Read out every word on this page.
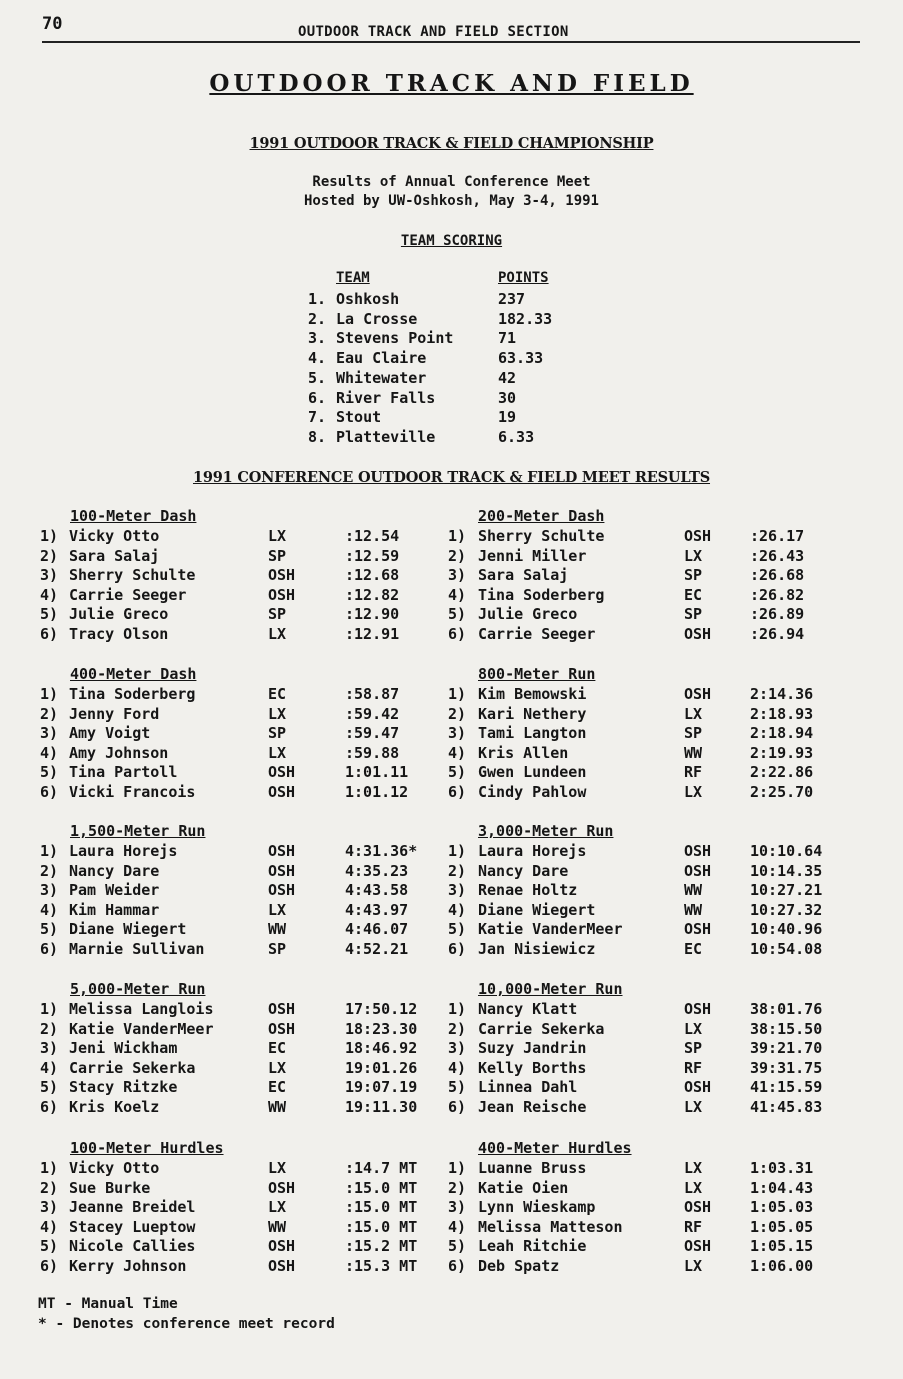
70	OUTDOOR TRACK AND FIELD SECTION
OUTDOOR TRACK AND FIELD
1991 OUTDOOR TRACK & FIELD CHAMPIONSHIP
Results of Annual Conference Meet
Hosted by UW-Oshkosh, May 3-4, 1991
TEAM SCORING
TEAM	POINTS
1. Oshkosh	237
2. La Crosse	182.33
3. Stevens Point	71
4. Eau Claire	63.33
5. Whitewater	42
6. River Falls	30
7. Stout	19
8. Platteville	6.33
1991 CONFERENCE OUTDOOR TRACK & FIELD MEET RESULTS
100-Meter Dash
1) Vicky Otto	LX	:12.54
2) Sara Salaj	SP	:12.59
3) Sherry Schulte	OSH	:12.68
4) Carrie Seeger	OSH	:12.82
5) Julie Greco	SP	:12.90
6) Tracy Olson	LX	:12.91
200-Meter Dash
1) Sherry Schulte	OSH	:26.17
2) Jenni Miller	LX	:26.43
3) Sara Salaj	SP	:26.68
4) Tina Soderberg	EC	:26.82
5) Julie Greco	SP	:26.89
6) Carrie Seeger	OSH	:26.94
400-Meter Dash
1) Tina Soderberg	EC	:58.87
2) Jenny Ford	LX	:59.42
3) Amy Voigt	SP	:59.47
4) Amy Johnson	LX	:59.88
5) Tina Partoll	OSH	1:01.11
6) Vicki Francois	OSH	1:01.12
800-Meter Run
1) Kim Bemowski	OSH	2:14.36
2) Kari Nethery	LX	2:18.93
3) Tami Langton	SP	2:18.94
4) Kris Allen	WW	2:19.93
5) Gwen Lundeen	RF	2:22.86
6) Cindy Pahlow	LX	2:25.70
1,500-Meter Run
1) Laura Horejs	OSH	4:31.36*
2) Nancy Dare	OSH	4:35.23
3) Pam Weider	OSH	4:43.58
4) Kim Hammar	LX	4:43.97
5) Diane Wiegert	WW	4:46.07
6) Marnie Sullivan	SP	4:52.21
3,000-Meter Run
1) Laura Horejs	OSH	10:10.64
2) Nancy Dare	OSH	10:14.35
3) Renae Holtz	WW	10:27.21
4) Diane Wiegert	WW	10:27.32
5) Katie VanderMeer	OSH	10:40.96
6) Jan Nisiewicz	EC	10:54.08
5,000-Meter Run
1) Melissa Langlois	OSH	17:50.12
2) Katie VanderMeer	OSH	18:23.30
3) Jeni Wickham	EC	18:46.92
4) Carrie Sekerka	LX	19:01.26
5) Stacy Ritzke	EC	19:07.19
6) Kris Koelz	WW	19:11.30
10,000-Meter Run
1) Nancy Klatt	OSH	38:01.76
2) Carrie Sekerka	LX	38:15.50
3) Suzy Jandrin	SP	39:21.70
4) Kelly Borths	RF	39:31.75
5) Linnea Dahl	OSH	41:15.59
6) Jean Reische	LX	41:45.83
100-Meter Hurdles
1) Vicky Otto	LX	:14.7 MT
2) Sue Burke	OSH	:15.0 MT
3) Jeanne Breidel	LX	:15.0 MT
4) Stacey Lueptow	WW	:15.0 MT
5) Nicole Callies	OSH	:15.2 MT
6) Kerry Johnson	OSH	:15.3 MT
400-Meter Hurdles
1) Luanne Bruss	LX	1:03.31
2) Katie Oien	LX	1:04.43
3) Lynn Wieskamp	OSH	1:05.03
4) Melissa Matteson	RF	1:05.05
5) Leah Ritchie	OSH	1:05.15
6) Deb Spatz	LX	1:06.00
MT - Manual Time
* - Denotes conference meet record
